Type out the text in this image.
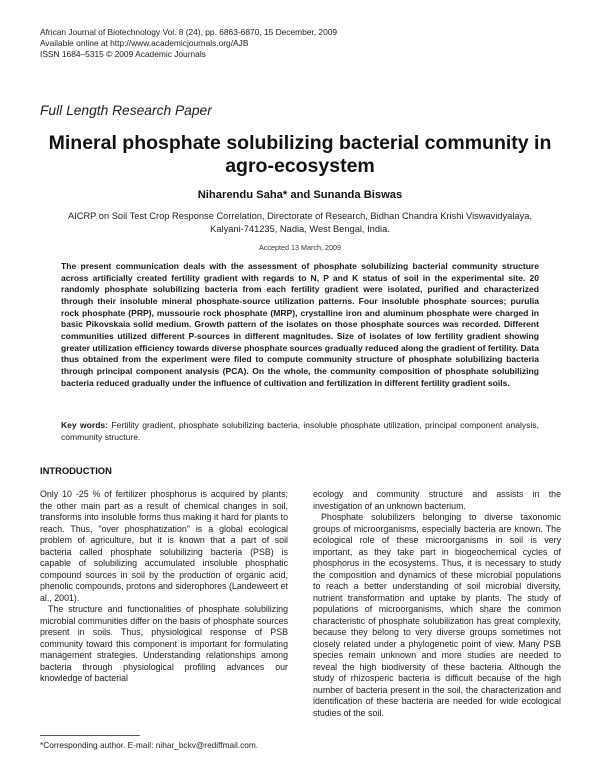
African Journal of Biotechnology Vol. 8 (24), pp. 6863-6870, 15 December, 2009
Available online at http://www.academicjournals.org/AJB
ISSN 1684–5315 © 2009 Academic Journals
Full Length Research Paper
Mineral phosphate solubilizing bacterial community in agro-ecosystem
Niharendu Saha* and Sunanda Biswas
AICRP on Soil Test Crop Response Correlation, Directorate of Research, Bidhan Chandra Krishi Viswavidyalaya, Kalyani-741235, Nadia, West Bengal, India.
Accepted 13 March, 2009
The present communication deals with the assessment of phosphate solubilizing bacterial community structure across artificially created fertility gradient with regards to N, P and K status of soil in the experimental site. 20 randomly phosphate solubilizing bacteria from each fertility gradient were isolated, purified and characterized through their insoluble mineral phosphate-source utilization patterns. Four insoluble phosphate sources; purulia rock phosphate (PRP), mussourie rock phosphate (MRP), crystalline iron and aluminum phosphate were charged in basic Pikovskaia solid medium. Growth pattern of the isolates on those phosphate sources was recorded. Different communities utilized different P-sources in different magnitudes. Size of isolates of low fertility gradient showing greater utilization efficiency towards diverse phosphate sources gradually reduced along the gradient of fertility. Data thus obtained from the experiment were filed to compute community structure of phosphate solubilizing bacteria through principal component analysis (PCA). On the whole, the community composition of phosphate solubilizing bacteria reduced gradually under the influence of cultivation and fertilization in different fertility gradient soils.
Key words: Fertility gradient, phosphate solubilizing bacteria, insoluble phosphate utilization, principal component analysis, community structure.
INTRODUCTION

Only 10 -25 % of fertilizer phosphorus is acquired by plants; the other main part as a result of chemical changes in soil, transforms into insoluble forms thus making it hard for plants to reach. Thus, "over phosphatization" is a global ecological problem of agriculture, but it is known that a part of soil bacteria called phosphate solubilizing bacteria (PSB) is capable of solubilizing accumulated insoluble phosphatic compound sources in soil by the production of organic acid, phenolic compounds, protons and siderophores (Landeweert et al., 2001).

The structure and functionalities of phosphate solubilizing microbial communities differ on the basis of phosphate sources present in soils. Thus, physiological response of PSB community toward this component is important for formulating management strategies. Understanding relationships among bacteria through physiological profiling advances our knowledge of bacterial

ecology and community structure and assists in the investigation of an unknown bacterium.

Phosphate solubilizers belonging to diverse taxonomic groups of microorganisms, especially bacteria are known. The ecological role of these microorganisms in soil is very important, as they take part in biogeochemical cycles of phosphorus in the ecosystems. Thus, it is necessary to study the composition and dynamics of these microbial populations to reach a better understanding of soil microbial diversity, nutrient transformation and uptake by plants. The study of populations of microorganisms, which share the common characteristic of phosphate solubilization has great complexity, because they belong to very diverse groups sometimes not closely related under a phylogenetic point of view. Many PSB species remain unknown and more studies are needed to reveal the high biodiversity of these bacteria. Although the study of rhizosperic bacteria is difficult because of the high number of bacteria present in the soil, the characterization and identification of these bacteria are needed for wide ecological studies of the soil.

*Corresponding author. E-mail: nihar_bckv@rediffmail.com.
